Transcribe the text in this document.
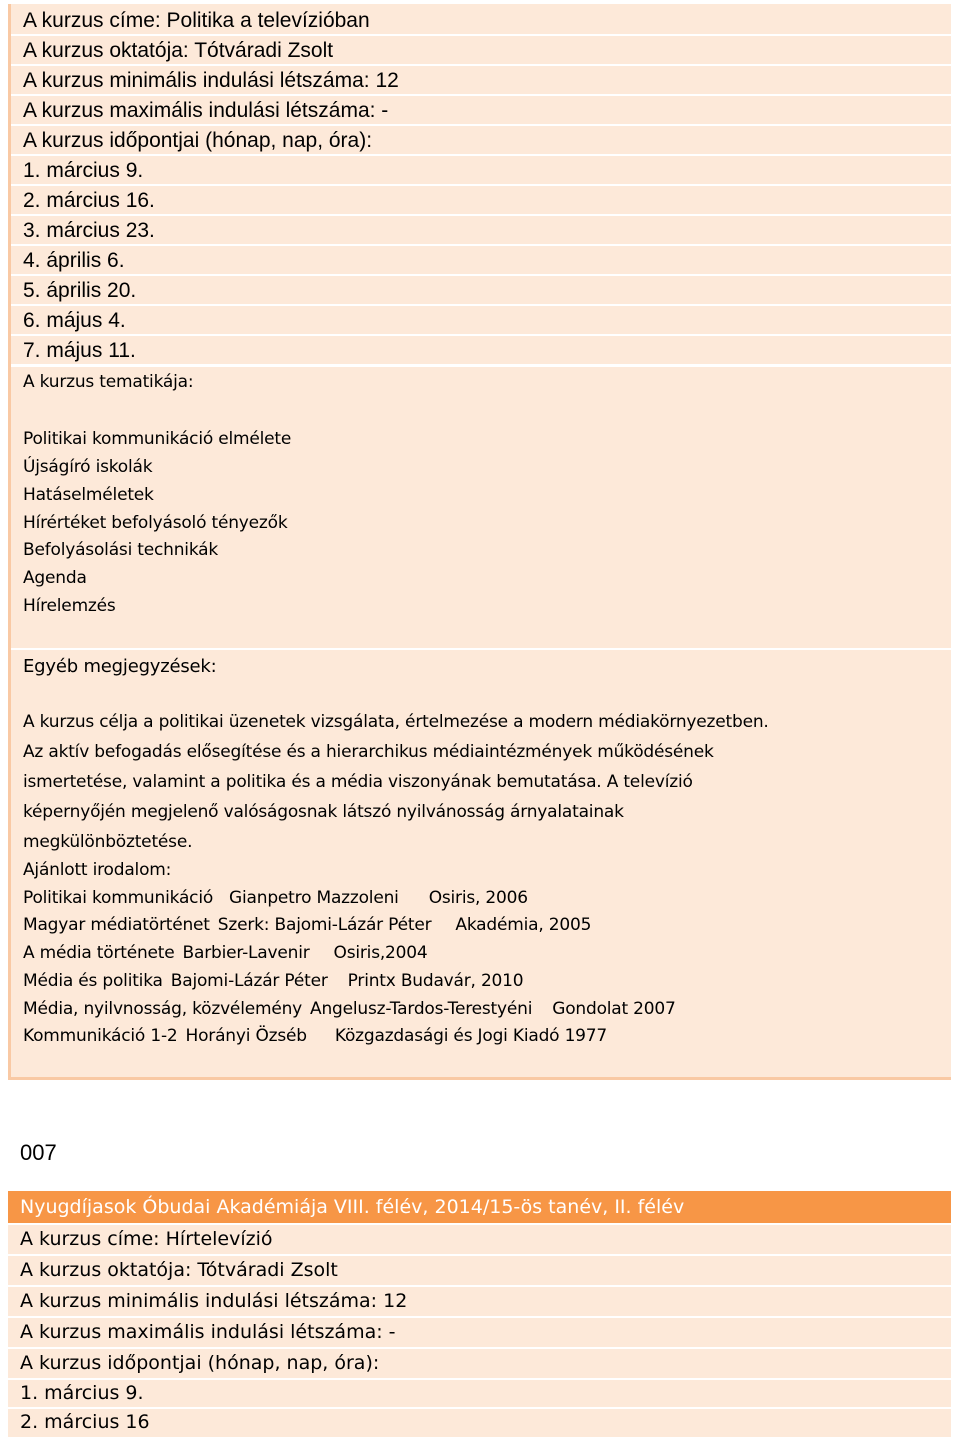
A kurzus címe: Politika a televízióban
A kurzus oktatója: Tótváradi Zsolt
A kurzus minimális indulási létszáma: 12
A kurzus maximális indulási létszáma: -
A kurzus időpontjai (hónap, nap, óra):
1. március 9.
2. március 16.
3. március 23.
4. április 6.
5. április 20.
6. május 4.
7. május 11.
A kurzus tematikája:
Politikai kommunikáció elmélete
Újságíró iskolák
Hatáselméletek
Hírértéket befolyásoló tényezők
Befolyásolási technikák
Agenda
Hírelemzés
Egyéb megjegyzések:
A kurzus célja a politikai üzenetek vizsgálata, értelmezése a modern médiakörnyezetben.
Az aktív befogadás elősegítése és a hierarchikus médiaintézmények működésének
ismertetése, valamint a politika és a média viszonyának bemutatása. A televízió
képernyőjén megjelenő valóságosnak látszó nyilvánosság árnyalatainak
megkülönböztetése.
Ajánlott irodalom:
Politikai kommunikáció Gianpetro Mazzoleni Osiris, 2006
Magyar médiatörténet Szerk: Bajomi-Lázár Péter Akadémia, 2005
A média története Barbier-Lavenir Osiris,2004
Média és politika Bajomi-Lázár Péter Printx Budavár, 2010
Média, nyilvnosság, közvélemény Angelusz-Tardos-Terestyéni Gondolat 2007
Kommunikáció 1-2 Horányi Özséb Közgazdasági és Jogi Kiadó 1977
007
Nyugdíjasok Óbudai Akadémiája VIII. félév, 2014/15-ös tanév, II. félév
A kurzus címe: Hírtelevízió
A kurzus oktatója: Tótváradi Zsolt
A kurzus minimális indulási létszáma: 12
A kurzus maximális indulási létszáma: -
A kurzus időpontjai (hónap, nap, óra):
1. március 9.
2. március 16
